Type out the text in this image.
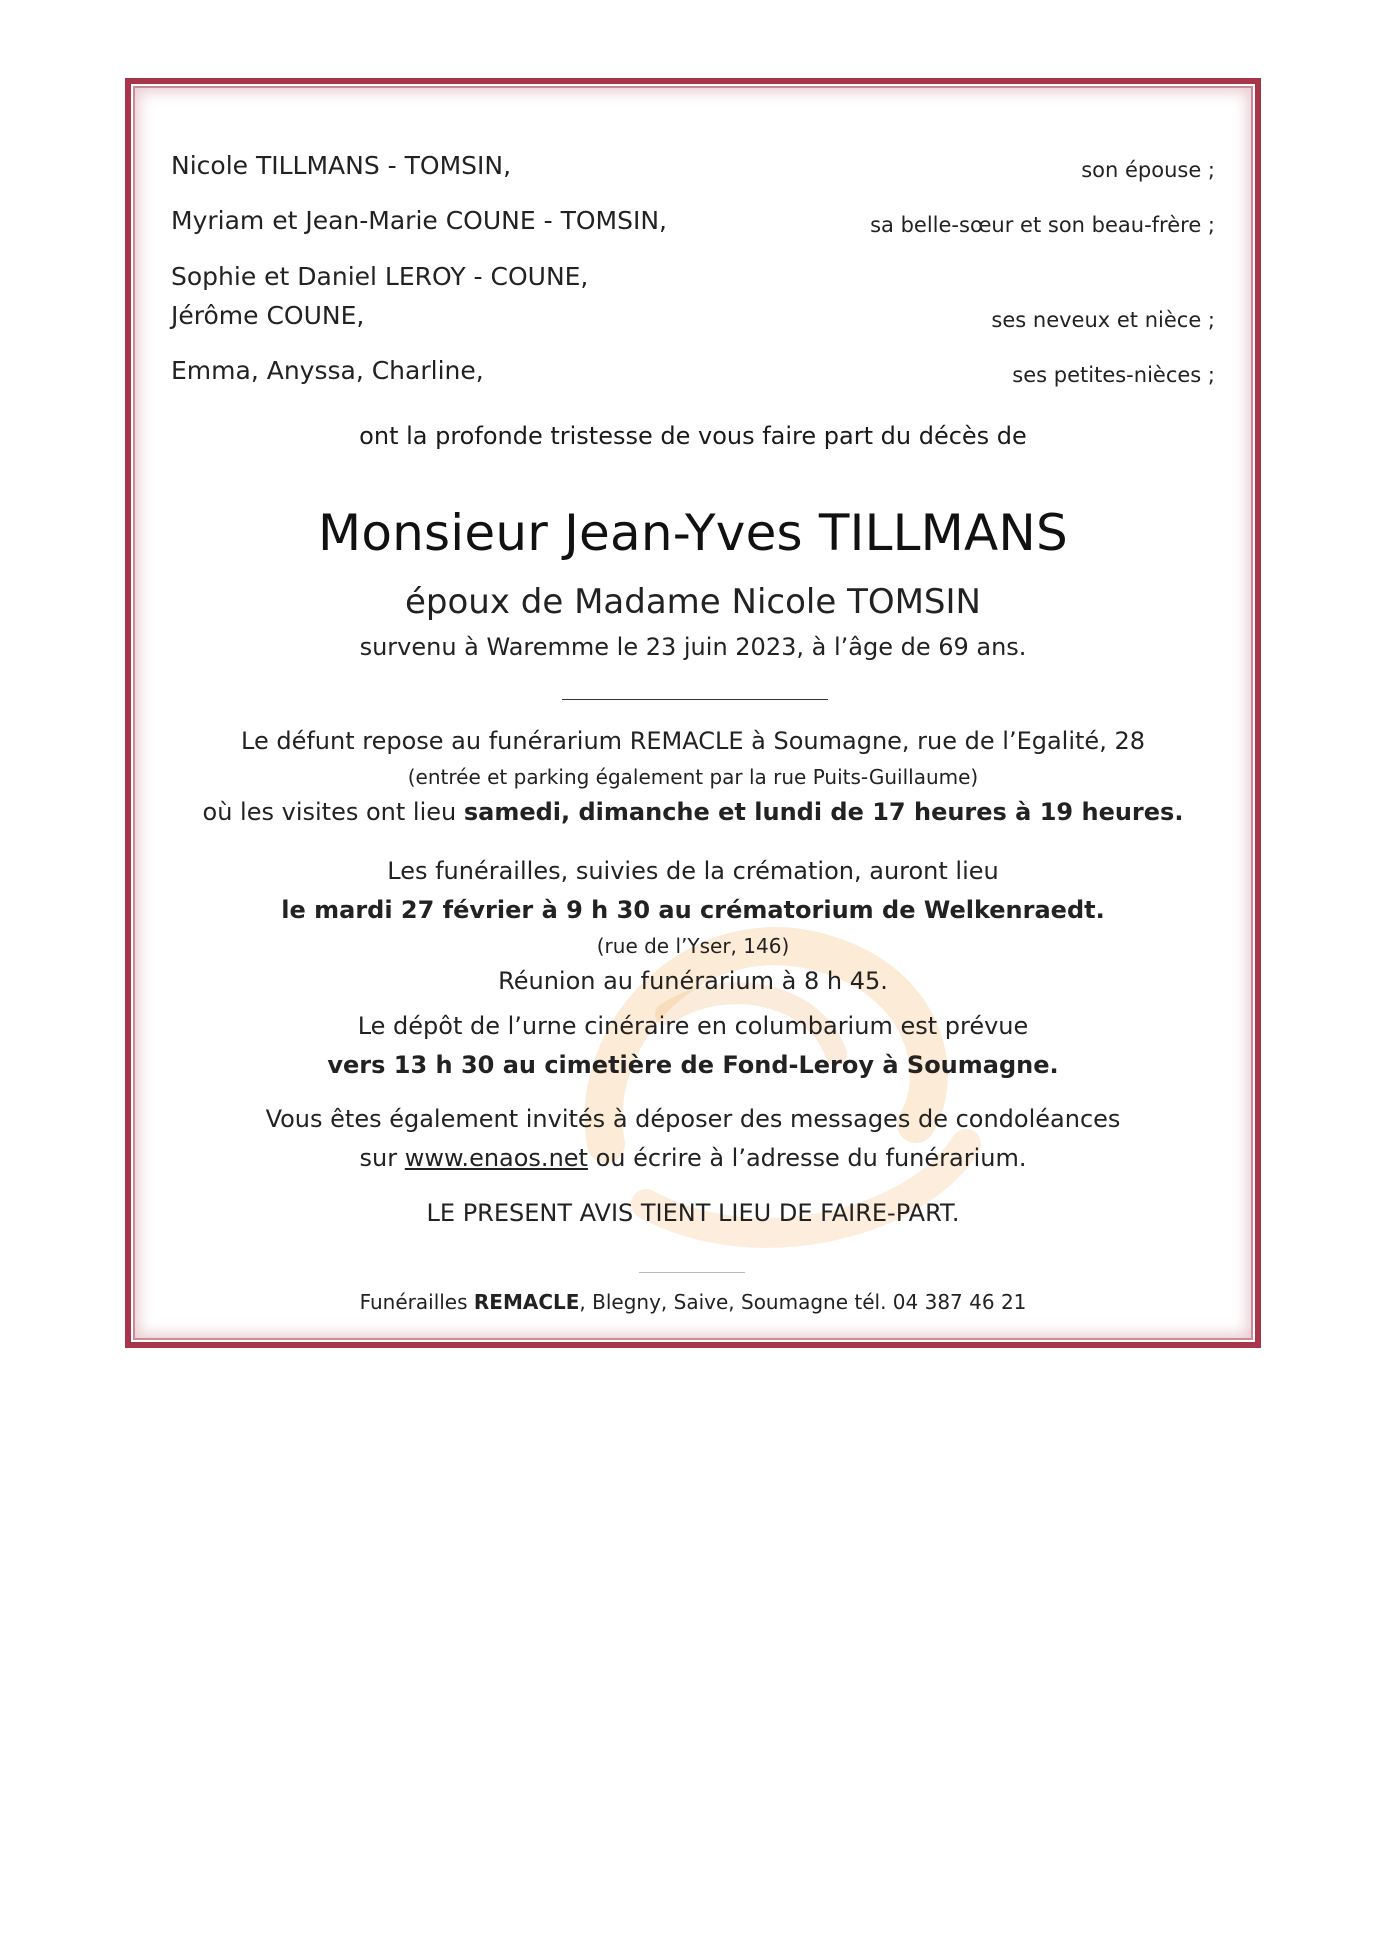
Nicole TILLMANS - TOMSIN,	son épouse ;
Myriam et Jean-Marie COUNE - TOMSIN,	sa belle-sœur et son beau-frère ;
Sophie et Daniel LEROY - COUNE,
Jérôme COUNE,	ses neveux et nièce ;
Emma, Anyssa, Charline,	ses petites-nièces ;
ont la profonde tristesse de vous faire part du décès de
Monsieur Jean-Yves TILLMANS
époux de Madame Nicole TOMSIN
survenu à Waremme le 23 juin 2023, à l’âge de 69 ans.
Le défunt repose au funérarium REMACLE à Soumagne, rue de l’Egalité, 28
(entrée et parking également par la rue Puits-Guillaume)
où les visites ont lieu samedi, dimanche et lundi de 17 heures à 19 heures.
Les funérailles, suivies de la crémation, auront lieu
le mardi 27 février à 9 h 30 au crématorium de Welkenraedt.
(rue de l’Yser, 146)
Réunion au funérarium à 8 h 45.
Le dépôt de l’urne cinéraire en columbarium est prévue
vers 13 h 30 au cimetière de Fond-Leroy à Soumagne.
Vous êtes également invités à déposer des messages de condoléances
sur www.enaos.net ou écrire à l’adresse du funérarium.
LE PRESENT AVIS TIENT LIEU DE FAIRE-PART.
Funérailles REMACLE, Blegny, Saive, Soumagne tél. 04 387 46 21
